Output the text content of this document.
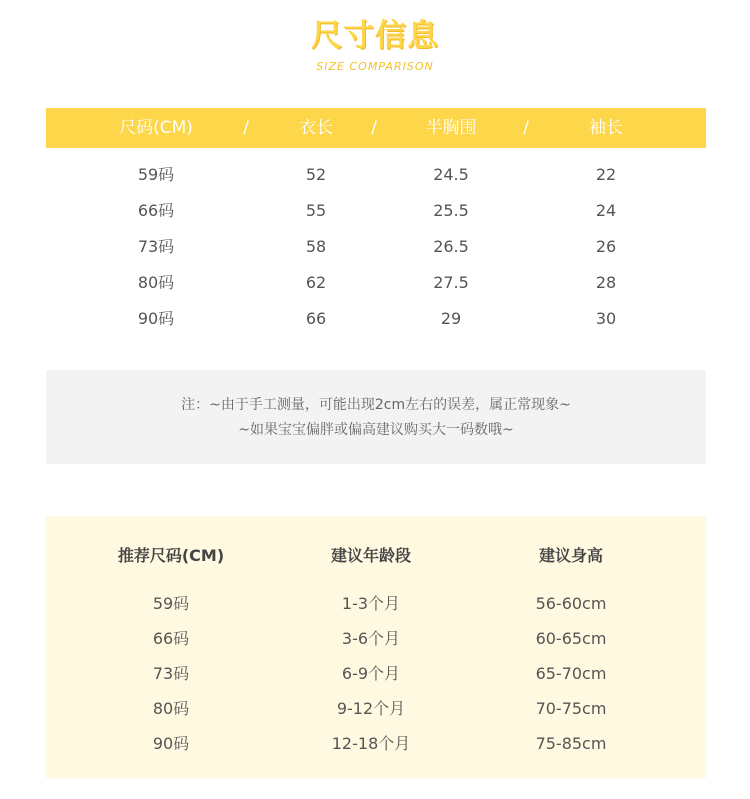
尺寸信息
SIZE COMPARISON
尺码(CM)	/	衣长	/	半胸围	/	袖长
59码	52	24.5	22
66码	55	25.5	24
73码	58	26.5	26
80码	62	27.5	28
90码	66	29	30
注：~由于手工测量，可能出现2cm左右的误差，属正常现象~
~如果宝宝偏胖或偏高建议购买大一码数哦~
推荐尺码(CM)	建议年龄段	建议身高
59码	1-3个月	56-60cm
66码	3-6个月	60-65cm
73码	6-9个月	65-70cm
80码	9-12个月	70-75cm
90码	12-18个月	75-85cm
